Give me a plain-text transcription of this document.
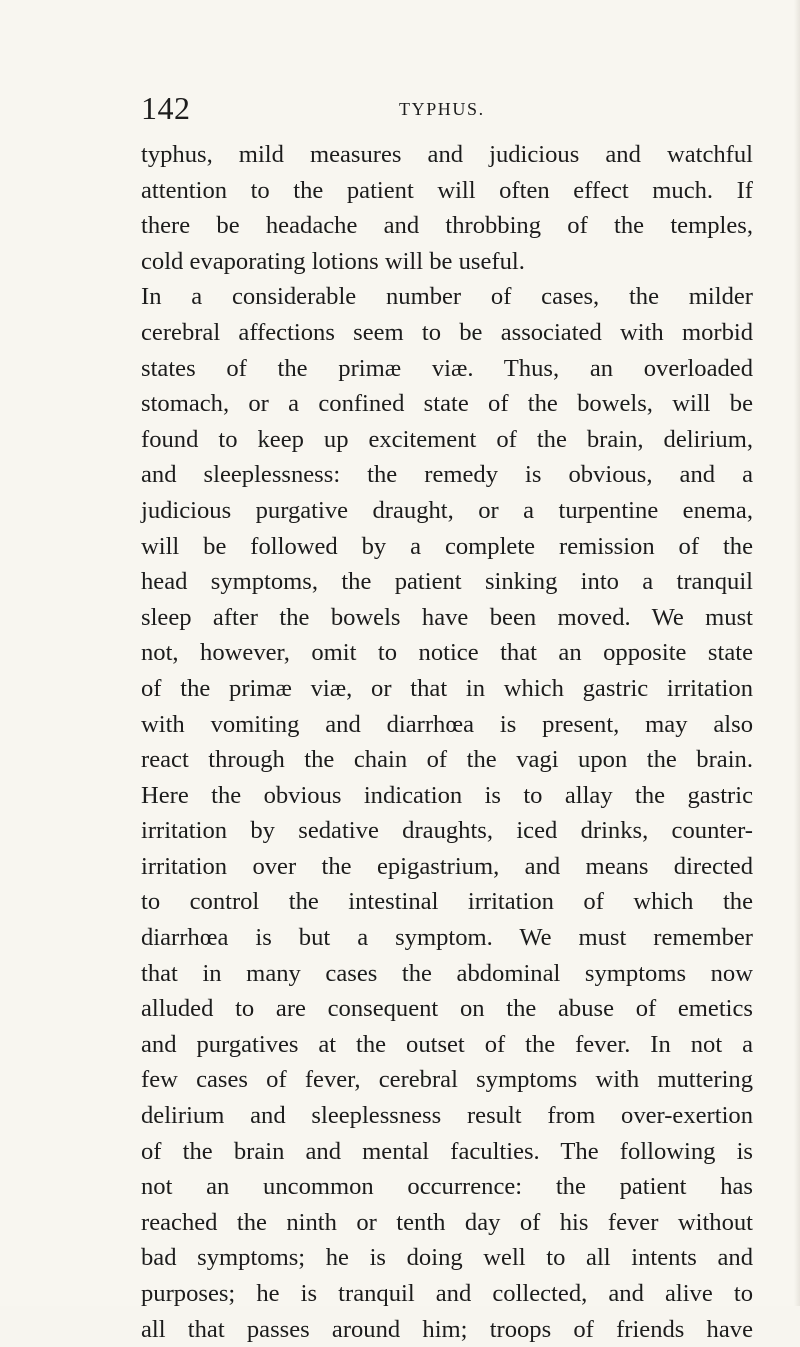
142	TYPHUS.
typhus, mild measures and judicious and watchful
attention to the patient will often effect much. If
there be headache and throbbing of the temples,
cold evaporating lotions will be useful.
In a considerable number of cases, the milder
cerebral affections seem to be associated with morbid
states of the primæ viæ. Thus, an overloaded
stomach, or a confined state of the bowels, will be
found to keep up excitement of the brain, delirium,
and sleeplessness: the remedy is obvious, and a
judicious purgative draught, or a turpentine enema,
will be followed by a complete remission of the
head symptoms, the patient sinking into a tranquil
sleep after the bowels have been moved. We must
not, however, omit to notice that an opposite state
of the primæ viæ, or that in which gastric irritation
with vomiting and diarrhœa is present, may also
react through the chain of the vagi upon the brain.
Here the obvious indication is to allay the gastric
irritation by sedative draughts, iced drinks, counter-
irritation over the epigastrium, and means directed
to control the intestinal irritation of which the
diarrhœa is but a symptom. We must remember
that in many cases the abdominal symptoms now
alluded to are consequent on the abuse of emetics
and purgatives at the outset of the fever. In not a
few cases of fever, cerebral symptoms with muttering
delirium and sleeplessness result from over-exertion
of the brain and mental faculties. The following is
not an uncommon occurrence: the patient has
reached the ninth or tenth day of his fever without
bad symptoms; he is doing well to all intents and
purposes; he is tranquil and collected, and alive to
all that passes around him; troops of friends have
